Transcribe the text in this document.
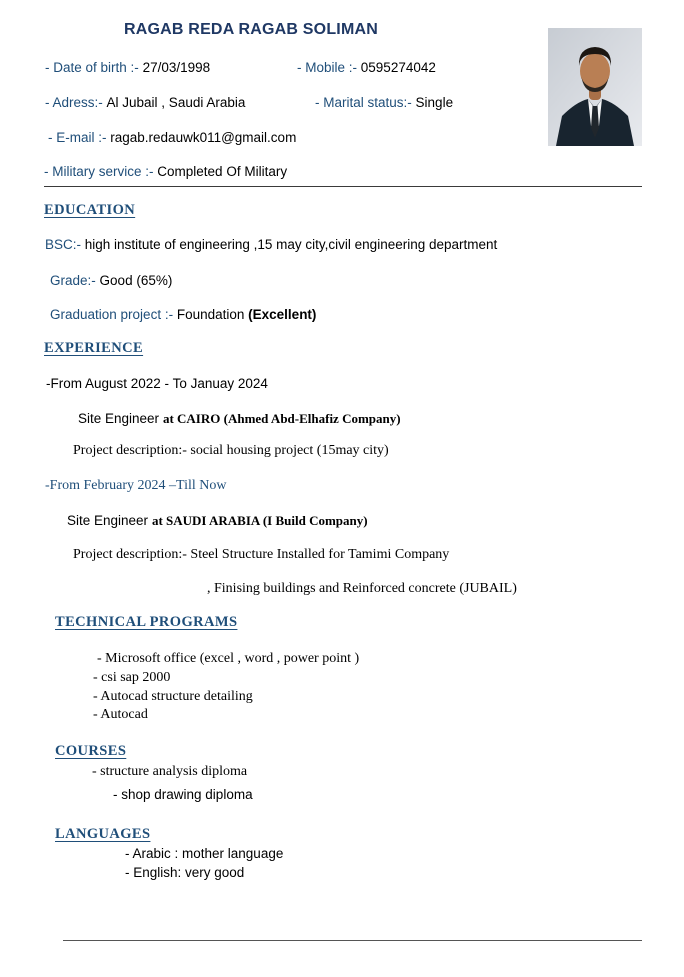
RAGAB REDA RAGAB SOLIMAN
- Date of birth :- 27/03/1998	- Mobile :- 0595274042
- Adress:- Al Jubail , Saudi Arabia	- Marital status:- Single
- E-mail :- ragab.redauwk011@gmail.com
- Military service :- Completed Of Military
EDUCATION
BSC:- high institute of engineering ,15 may city,civil engineering department
Grade:- Good (65%)
Graduation project :- Foundation (Excellent)
EXPERIENCE
-From August 2022 - To Januay 2024
Site Engineer at CAIRO (Ahmed Abd-Elhafiz Company)
Project description:- social housing project (15may city)
-From February 2024 –Till Now
Site Engineer at SAUDI ARABIA (I Build Company)
Project description:- Steel Structure Installed for Tamimi Company
, Finising buildings and Reinforced concrete (JUBAIL)
TECHNICAL PROGRAMS
- Microsoft office (excel , word , power point )
- csi sap 2000
- Autocad structure detailing
- Autocad
COURSES
- structure analysis diploma
- shop drawing diploma
LANGUAGES
- Arabic : mother language
- English: very good
